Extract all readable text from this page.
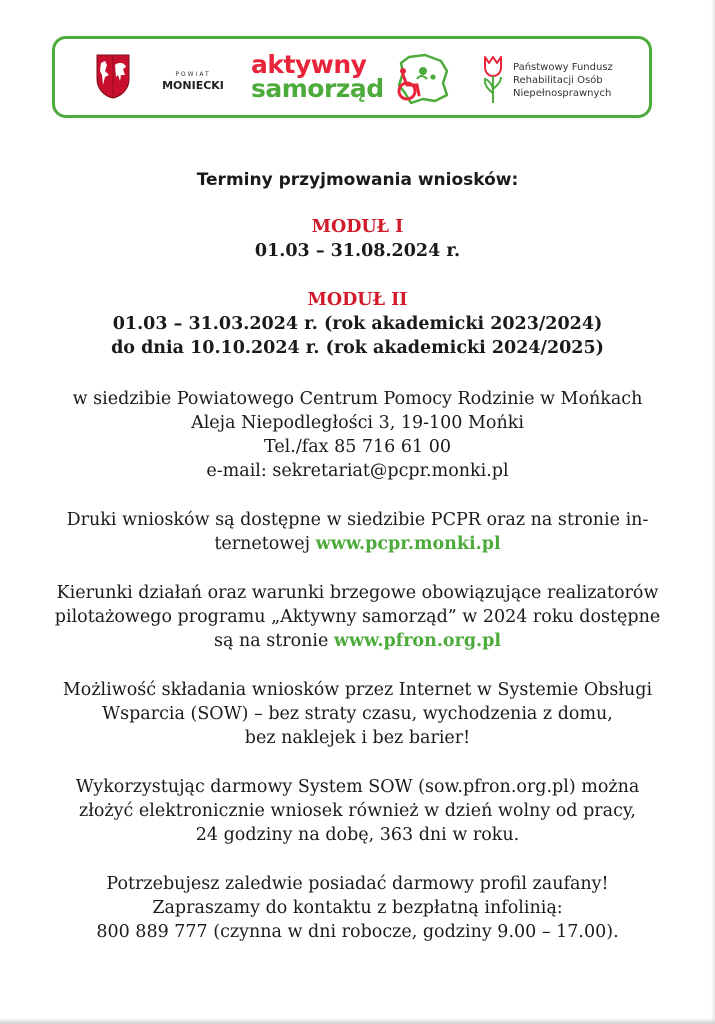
POWIAT
MONIECKI
aktywny
samorząd
Państwowy Fundusz
Rehabilitacji Osób
Niepełnosprawnych
Terminy przyjmowania wniosków:
MODUŁ I
01.03 – 31.08.2024 r.
MODUŁ II
01.03 – 31.03.2024 r. (rok akademicki 2023/2024)
do dnia 10.10.2024 r. (rok akademicki 2024/2025)
w siedzibie Powiatowego Centrum Pomocy Rodzinie w Mońkach
Aleja Niepodległości 3, 19-100 Mońki
Tel./fax 85 716 61 00
e-mail: sekretariat@pcpr.monki.pl
Druki wniosków są dostępne w siedzibie PCPR oraz na stronie in-
ternetowej www.pcpr.monki.pl
Kierunki działań oraz warunki brzegowe obowiązujące realizatorów
pilotażowego programu „Aktywny samorząd” w 2024 roku dostępne
są na stronie www.pfron.org.pl
Możliwość składania wniosków przez Internet w Systemie Obsługi
Wsparcia (SOW) – bez straty czasu, wychodzenia z domu,
bez naklejek i bez barier!
Wykorzystując darmowy System SOW (sow.pfron.org.pl) można
złożyć elektronicznie wniosek również w dzień wolny od pracy,
24 godziny na dobę, 363 dni w roku.
Potrzebujesz zaledwie posiadać darmowy profil zaufany!
Zapraszamy do kontaktu z bezpłatną infolinią:
800 889 777 (czynna w dni robocze, godziny 9.00 – 17.00).
